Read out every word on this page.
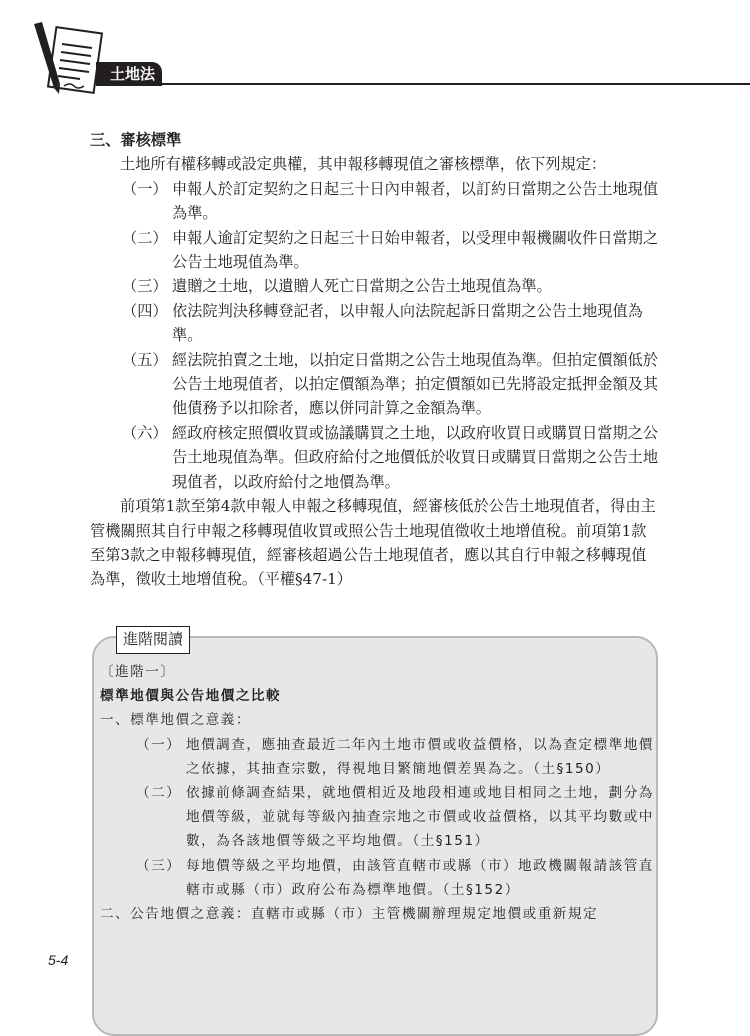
土地法
三、審核標準
土地所有權移轉或設定典權，其申報移轉現值之審核標準，依下列規定：
（一） 申報人於訂定契約之日起三十日內申報者，以訂約日當期之公告土地現值為準。
（二） 申報人逾訂定契約之日起三十日始申報者，以受理申報機關收件日當期之公告土地現值為準。
（三） 遺贈之土地，以遺贈人死亡日當期之公告土地現值為準。
（四） 依法院判決移轉登記者，以申報人向法院起訴日當期之公告土地現值為準。
（五） 經法院拍賣之土地，以拍定日當期之公告土地現值為準。但拍定價額低於公告土地現值者，以拍定價額為準；拍定價額如已先將設定抵押金額及其他債務予以扣除者，應以併同計算之金額為準。
（六） 經政府核定照價收買或協議購買之土地，以政府收買日或購買日當期之公告土地現值為準。但政府給付之地價低於收買日或購買日當期之公告土地現值者，以政府給付之地價為準。
前項第1款至第4款申報人申報之移轉現值，經審核低於公告土地現值者，得由主管機關照其自行申報之移轉現值收買或照公告土地現值徵收土地增值稅。前項第1款至第3款之申報移轉現值，經審核超過公告土地現值者，應以其自行申報之移轉現值為準，徵收土地增值稅。（平權§47-1）
進階閱讀
〔進階一〕
標準地價與公告地價之比較
一、標準地價之意義：
（一） 地價調查，應抽查最近二年內土地市價或收益價格，以為查定標準地價之依據，其抽查宗數，得視地目繁簡地價差異為之。（土§150）
（二） 依據前條調查結果，就地價相近及地段相連或地目相同之土地，劃分為地價等級，並就每等級內抽查宗地之市價或收益價格，以其平均數或中數，為各該地價等級之平均地價。（土§151）
（三） 每地價等級之平均地價，由該管直轄市或縣（市）地政機關報請該管直轄市或縣（市）政府公布為標準地價。（土§152）
二、公告地價之意義：直轄市或縣（市）主管機關辦理規定地價或重新規定
5-4
